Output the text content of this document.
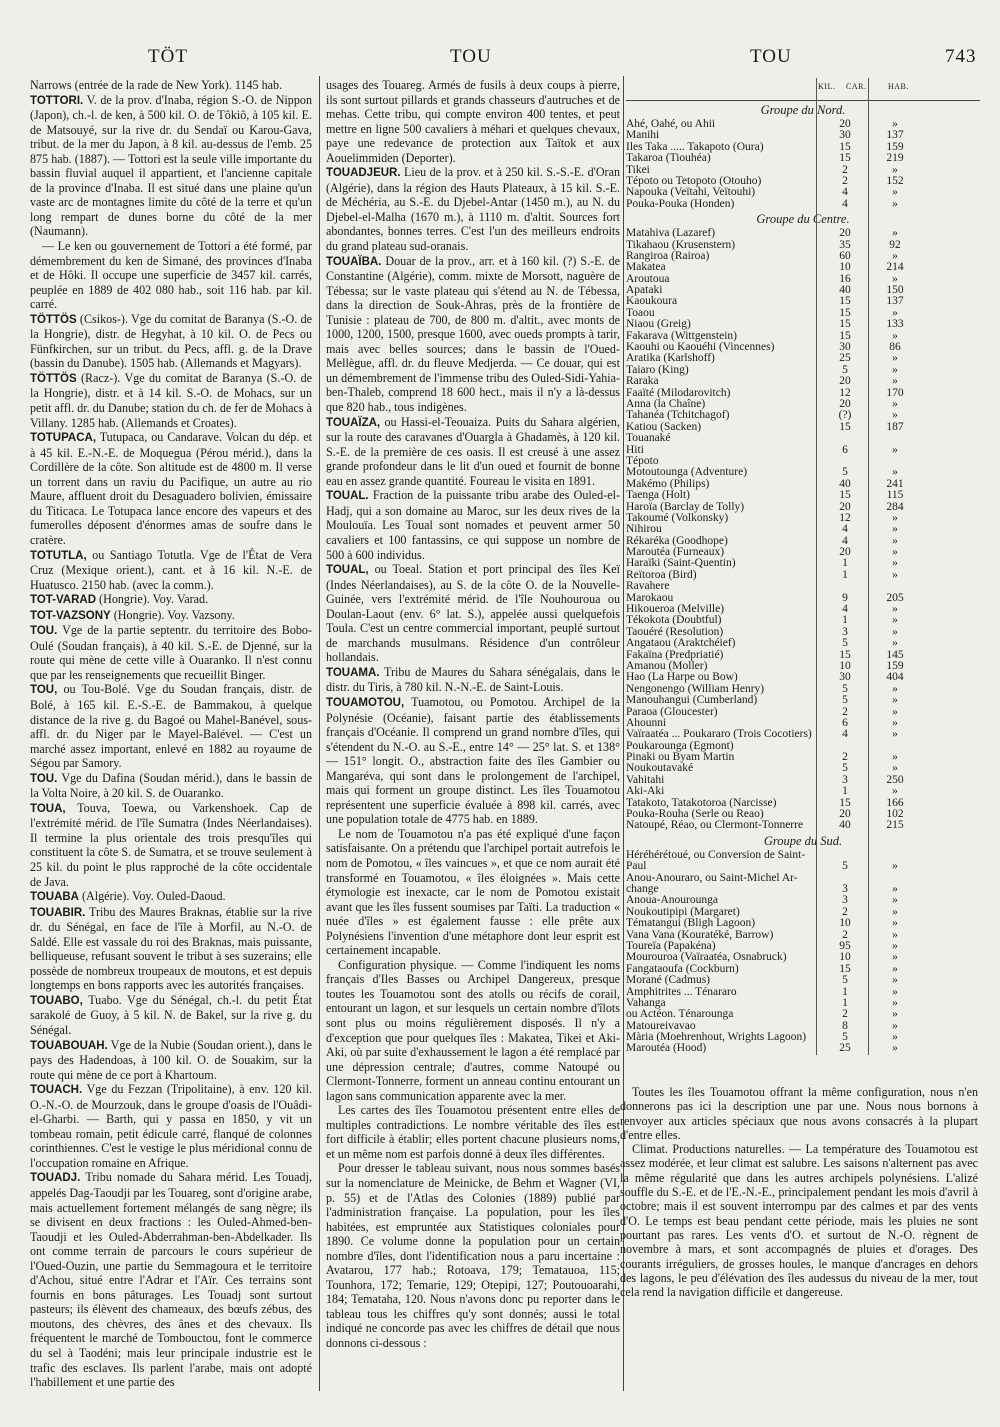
TÖT	TOU	TOU	743

Narrows (entrée de la rade de New York). 1145 hab.

TOTTORI. V. de la prov. d'Inaba, région S.-O. de Nippon (Japon), ch.-l. de ken, à 500 kil. O. de Tôkiô, à 105 kil. E. de Matsouyé, sur la rive dr. du Sendaï ou Karou-Gava, tribut. de la mer du Japon, à 8 kil. au-dessus de l'emb. 25 875 hab. (1887). — Tottori est la seule ville importante du bassin fluvial auquel il appartient, et l'ancienne capitale de la province d'Inaba. Il est situé dans une plaine qu'un vaste arc de montagnes limite du côté de la terre et qu'un long rempart de dunes borne du côté de la mer (Naumann).

— Le ken ou gouvernement de Tottori a été formé, par démembrement du ken de Simané, des provinces d'Inaba et de Hôki. Il occupe une superficie de 3457 kil. carrés, peuplée en 1889 de 402 080 hab., soit 116 hab. par kil. carré.

TÖTTÖS (Csikos-). Vge du comitat de Baranya (S.-O. de la Hongrie), distr. de Hegyhat, à 10 kil. O. de Pecs ou Fünfkirchen, sur un tribut. du Pecs, affl. g. de la Drave (bassin du Danube). 1505 hab. (Allemands et Magyars).

TÖTTÖS (Racz-). Vge du comitat de Baranya (S.-O. de la Hongrie), distr. et à 14 kil. S.-O. de Mohacs, sur un petit affl. dr. du Danube; station du ch. de fer de Mohacs à Villany. 1285 hab. (Allemands et Croates).

TOTUPACA, Tutupaca, ou Candarave. Volcan du dép. et à 45 kil. E.-N.-E. de Moquegua (Pérou mérid.), dans la Cordillère de la côte. Son altitude est de 4800 m. Il verse un torrent dans un raviu du Pacifique, un autre au rio Maure, affluent droit du Desaguadero bolivien, émissaire du Titicaca. Le Totupaca lance encore des vapeurs et des fumerolles déposent d'énormes amas de soufre dans le cratère.

TOTUTLA, ou Santiago Totutla. Vge de l'État de Vera Cruz (Mexique orient.), cant. et à 16 kil. N.-E. de Huatusco. 2150 hab. (avec la comm.).

TOT-VARAD (Hongrie). Voy. Varad.

TOT-VAZSONY (Hongrie). Voy. Vazsony.

TOU. Vge de la partie septentr. du territoire des Bobo-Oulé (Soudan français), à 40 kil. S.-E. de Djenné, sur la route qui mène de cette ville à Ouaranko. Il n'est connu que par les renseignements que recueillit Binger.

TOU, ou Tou-Bolé. Vge du Soudan français, distr. de Bolé, à 165 kil. E.-S.-E. de Bammakou, à quelque distance de la rive g. du Bagoé ou Mahel-Banével, sous-affl. dr. du Niger par le Mayel-Balével. — C'est un marché assez important, enlevé en 1882 au royaume de Ségou par Samory.

TOU. Vge du Dafina (Soudan mérid.), dans le bassin de la Volta Noire, à 20 kil. S. de Ouaranko.

TOUA, Touva, Toewa, ou Varkenshoek. Cap de l'extrémité mérid. de l'île Sumatra (Indes Néerlandaises). Il termine la plus orientale des trois presqu'îles qui constituent la côte S. de Sumatra, et se trouve seulement à 25 kil. du point le plus rapproché de la côte occidentale de Java.

TOUABA (Algérie). Voy. Ouled-Daoud.

TOUABIR. Tribu des Maures Braknas, établie sur la rive dr. du Sénégal, en face de l'île à Morfil, au N.-O. de Saldé. Elle est vassale du roi des Braknas, mais puissante, belliqueuse, refusant souvent le tribut à ses suzerains; elle possède de nombreux troupeaux de moutons, et est depuis longtemps en bons rapports avec les autorités françaises.

TOUABO, Tuabo. Vge du Sénégal, ch.-l. du petit État sarakolé de Guoy, à 5 kil. N. de Bakel, sur la rive g. du Sénégal.

TOUABOUAH. Vge de la Nubie (Soudan orient.), dans le pays des Hadendoas, à 100 kil. O. de Souakim, sur la route qui mène de ce port à Khartoum.

TOUACH. Vge du Fezzan (Tripolitaine), à env. 120 kil. O.-N.-O. de Mourzouk, dans le groupe d'oasis de l'Ouâdi-el-Gharbi. — Barth, qui y passa en 1850, y vit un tombeau romain, petit édicule carré, flanqué de colonnes corinthiennes. C'est le vestige le plus méridional connu de l'occupation romaine en Afrique.

TOUADJ. Tribu nomade du Sahara mérid. Les Touadj, appelés Dag-Taoudji par les Touareg, sont d'origine arabe, mais actuellement fortement mélangés de sang nègre; ils se divisent en deux fractions : les Ouled-Ahmed-ben-Taoudji et les Ouled-Abderrahman-ben-Abdelkader. Ils ont comme terrain de parcours le cours supérieur de l'Oued-Ouzin, une partie du Semmagoura et le territoire d'Achou, situé entre l'Adrar et l'Aïr. Ces terrains sont fournis en bons pâturages. Les Touadj sont surtout pasteurs; ils élèvent des chameaux, des bœufs zébus, des moutons, des chèvres, des ânes et des chevaux. Ils fréquentent le marché de Tombouctou, font le commerce du sel à Taodéni; mais leur principale industrie est le trafic des esclaves. Ils parlent l'arabe, mais ont adopté l'habillement et une partie des

usages des Touareg. Armés de fusils à deux coups à pierre, ils sont surtout pillards et grands chasseurs d'autruches et de mehas. Cette tribu, qui compte environ 400 tentes, et peut mettre en ligne 500 cavaliers à méhari et quelques chevaux, paye une redevance de protection aux Taïtok et aux Aouelimmiden (Deporter).

TOUADJEUR. Lieu de la prov. et à 250 kil. S.-S.-E. d'Oran (Algérie), dans la région des Hauts Plateaux, à 15 kil. S.-E. de Méchéria, au S.-E. du Djebel-Antar (1450 m.), au N. du Djebel-el-Malha (1670 m.), à 1110 m. d'altit. Sources fort abondantes, bonnes terres. C'est l'un des meilleurs endroits du grand plateau sud-oranais.

TOUAÏBA. Douar de la prov., arr. et à 160 kil. (?) S.-E. de Constantine (Algérie), comm. mixte de Morsott, naguère de Tébessa; sur le vaste plateau qui s'étend au N. de Tébessa, dans la direction de Souk-Ahras, près de la frontière de Tunisie : plateau de 700, de 800 m. d'altit., avec monts de 1000, 1200, 1500, presque 1600, avec oueds prompts à tarir, mais avec belles sources; dans le bassin de l'Oued-Mellègue, affl. dr. du fleuve Medjerda. — Ce douar, qui est un démembrement de l'immense tribu des Ouled-Sidi-Yahia-ben-Thaleb, comprend 18 600 hect., mais il n'y a là-dessus que 820 hab., tous indigènes.

TOUAÏZA, ou Hassi-el-Teouaiza. Puits du Sahara algérien, sur la route des caravanes d'Ouargla à Ghadamès, à 120 kil. S.-E. de la première de ces oasis. Il est creusé à une assez grande profondeur dans le lit d'un oued et fournit de bonne eau en assez grande quantité. Foureau le visita en 1891.

TOUAL. Fraction de la puissante tribu arabe des Ouled-el-Hadj, qui a son domaine au Maroc, sur les deux rives de la Moulouïa. Les Toual sont nomades et peuvent armer 50 cavaliers et 100 fantassins, ce qui suppose un nombre de 500 à 600 individus.

TOUAL, ou Toeal. Station et port principal des îles Keï (Indes Néerlandaises), au S. de la côte O. de la Nouvelle-Guinée, vers l'extrémité mérid. de l'île Nouhouroua ou Doulan-Laout (env. 6° lat. S.), appelée aussi quelquefois Toula. C'est un centre commercial important, peuplé surtout de marchands musulmans. Résidence d'un contrôleur hollandais.

TOUAMA. Tribu de Maures du Sahara sénégalais, dans le distr. du Tiris, à 780 kil. N.-N.-E. de Saint-Louis.

TOUAMOTOU, Tuamotou, ou Pomotou. Archipel de la Polynésie (Océanie), faisant partie des établissements français d'Océanie. Il comprend un grand nombre d'îles, qui s'étendent du N.-O. au S.-E., entre 14° — 25° lat. S. et 138° — 151° longit. O., abstraction faite des îles Gambier ou Mangaréva, qui sont dans le prolongement de l'archipel, mais qui forment un groupe distinct. Les îles Touamotou représentent une superficie évaluée à 898 kil. carrés, avec une population totale de 4775 hab. en 1889.

Le nom de Touamotou n'a pas été expliqué d'une façon satisfaisante. On a prétendu que l'archipel portait autrefois le nom de Pomotou, « îles vaincues », et que ce nom aurait été transformé en Touamotou, « îles éloignées ». Mais cette étymologie est inexacte, car le nom de Pomotou existait avant que les îles fussent soumises par Taïti. La traduction « nuée d'îles » est également fausse : elle prête aux Polynésiens l'invention d'une métaphore dont leur esprit est certainement incapable.

Configuration physique. — Comme l'indiquent les noms français d'Iles Basses ou Archipel Dangereux, presque toutes les Touamotou sont des atolls ou récifs de corail, entourant un lagon, et sur lesquels un certain nombre d'îlots sont plus ou moins régulièrement disposés. Il n'y a d'exception que pour quelques îles : Makatea, Tikei et Aki-Aki, où par suite d'exhaussement le lagon a été remplacé par une dépression centrale; d'autres, comme Natoupé ou Clermont-Tonnerre, forment un anneau continu entourant un lagon sans communication apparente avec la mer.

Les cartes des îles Touamotou présentent entre elles de multiples contradictions. Le nombre véritable des îles est fort difficile à établir; elles portent chacune plusieurs noms, et un même nom est parfois donné à deux îles différentes.

Pour dresser le tableau suivant, nous nous sommes basés sur la nomenclature de Meinicke, de Behm et Wagner (VI, p. 55) et de l'Atlas des Colonies (1889) publié par l'administration française. La population, pour les îles habitées, est empruntée aux Statistiques coloniales pour 1890. Ce volume donne la population pour un certain nombre d'îles, dont l'identification nous a paru incertaine : Avatarou, 177 hab.; Rotoava, 179; Tematauoa, 115; Tounhora, 172; Temarie, 129; Otepipi, 127; Poutouoarahi, 184; Temataha, 120. Nous n'avons donc pu reporter dans le tableau tous les chiffres qu'y sont donnés; aussi le total indiqué ne concorde pas avec les chiffres de détail que nous donnons ci-dessous :

KIL. CAR.	HAB.
Groupe du Nord.
Ahé, Oahé, ou Ahii	20	»
Manihi	30	137
Iles Taka ..... Takapoto (Oura)	15	159
Takaroa (Tiouhéa)	15	219
Tikei	2	»
Tépoto ou Tetopoto (Otouho)	2	152
Napouka (Veïtahi, Veïtouhi)	4	»
Pouka-Pouka (Honden)	4	»
Groupe du Centre.
Matahiva (Lazaref)	20	»
Tikahaou (Krusenstern)	35	92
Rangiroa (Rairoa)	60	»
Makatea	10	214
Aroutoua	16	»
Apataki	40	150
Kaoukoura	15	137
Toaou	15	»
Niaou (Greig)	15	133
Fakarava (Wittgenstein)	15	»
Kaouhi ou Kaouéhi (Vincennes)	30	86
Aratika (Karlshoff)	25	»
Taiaro (King)	5	»
Raraka	20	»
Faaïté (Milodarovitch)	12	170
Anna (la Chaîne)	20	»
Tahanéa (Tchitchagof)	(?)	»
Katiou (Sacken)	15	187
Touanaké
Hiti	6	»
Tépoto
Motoutounga (Adventure)	5	»
Makémo (Philips)	40	241
Taenga (Holt)	15	115
Haroïa (Barclay de Tolly)	20	284
Takoumé (Volkonsky)	12	»
Nihirou	4	»
Rékaréka (Goodhope)	4	»
Maroutéa (Furneaux)	20	»
Haraïki (Saint-Quentin)	1	»
Reïtoroa (Bird)	1	»
Ravahere
Marokaou	9	205
Hikoueroa (Melville)	4	»
Tékokota (Doubtful)	1	»
Taouéré (Resolution)	3	»
Angataou (Araktchéief)	5	»
Fakaïna (Predpriatié)	15	145
Amanou (Moller)	10	159
Hao (La Harpe ou Bow)	30	404
Nengonengo (William Henry)	5	»
Manouhangui (Cumberland)	5	»
Paraoa (Gloucester)	2	»
Ahounni	6	»
Vaïraatéa ... Poukararo (Trois Cocotiers)	4	»
Poukarounga (Egmont)
Pinaki ou Byam Martin	2	»
Noukoutavaké	5	»
Vahitahi	3	250
Aki-Aki	1	»
Tatakoto, Tatakotoroa (Narcisse)	15	166
Pouka-Rouha (Serle ou Reao)	20	102
Natoupé, Réao, ou Clermont-Tonnerre	40	215
Groupe du Sud.
Héréhérétoué, ou Conversion de Saint-
Paul	5	»
Anou-Anouraro, ou Saint-Michel Ar-
change	3	»
Anoua-Anourounga	3	»
Noukoutipipi (Margaret)	2	»
Tématangui (Bligh Lagoon)	10	»
Vana Vana (Kouratéké, Barrow)	2	»
Toureïa (Papakéna)	95	»
Mourouroa (Vaïraatéa, Osnabruck)	10	»
Fangataoufa (Cockburn)	15	»
Morané (Cadmus)	5	»
Amphitrites ... Ténararo	1	»
Vahanga	1	»
ou Actéon. Ténarounga	2	»
Matoureivavao	8	»
Mària (Moehrenhout, Wrights Lagoon)	5	»
Maroutéa (Hood)	25	»

Toutes les îles Touamotou offrant la même configuration, nous n'en donnerons pas ici la description une par une. Nous nous bornons à renvoyer aux articles spéciaux que nous avons consacrés à la plupart d'entre elles.

Climat. Productions naturelles. — La température des Touamotou est assez modérée, et leur climat est salubre. Les saisons n'alternent pas avec la même régularité que dans les autres archipels polynésiens. L'alizé souffle du S.-E. et de l'E.-N.-E., principalement pendant les mois d'avril à octobre; mais il est souvent interrompu par des calmes et par des vents d'O. Le temps est beau pendant cette période, mais les pluies ne sont pourtant pas rares. Les vents d'O. et surtout de N.-O. règnent de novembre à mars, et sont accompagnés de pluies et d'orages. Des courants irréguliers, de grosses houles, le manque d'ancrages en dehors des lagons, le peu d'élévation des îles audessus du niveau de la mer, tout cela rend la navigation difficile et dangereuse.
